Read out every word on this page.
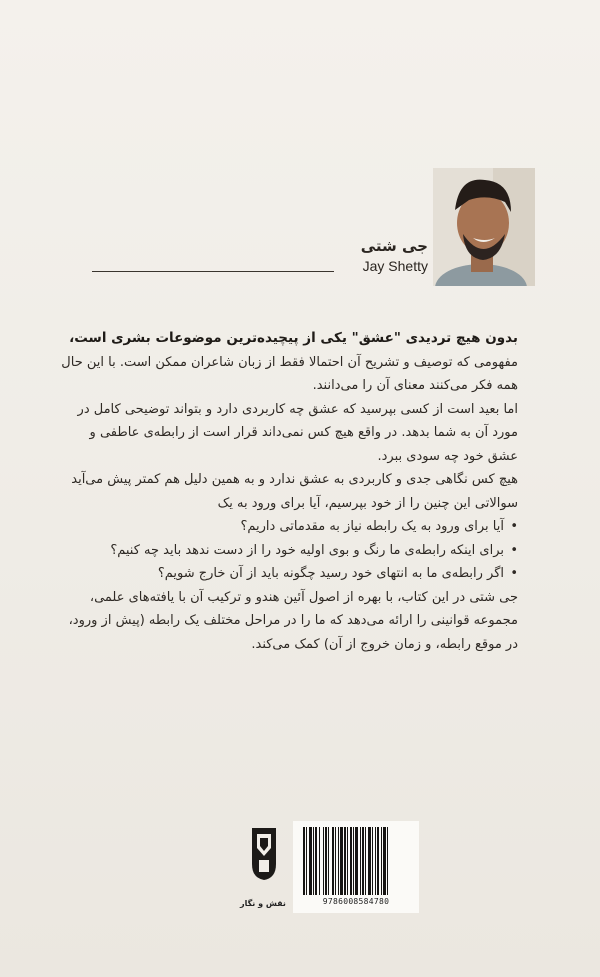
جی شتی
Jay Shetty

بدون هیچ تردیدی "عشق" یکی از پیچیده‌ترین موضوعات بشری است،

مفهومی که توصیف و تشریح آن احتمالا فقط از زبان شاعران ممکن است. با این حال همه فکر می‌کنند معنای آن را می‌دانند.

اما بعید است از کسی بپرسید که عشق چه کاربردی دارد و بتواند توضیحی کامل در مورد آن به شما بدهد. در واقع هیچ کس نمی‌داند قرار است از رابطه‌ی عاطفی و عشق خود چه سودی ببرد.

هیچ کس نگاهی جدی و کاربردی به عشق ندارد و به همین دلیل هم کمتر پیش می‌آید سوالاتی این چنین را از خود بپرسیم، آیا برای ورود به یک

• آیا برای ورود به یک رابطه نیاز به مقدماتی داریم؟
• برای اینکه رابطه‌ی ما رنگ و بوی اولیه خود را از دست ندهد باید چه کنیم؟
• اگر رابطه‌ی ما به انتهای خود رسید چگونه باید از آن خارج شویم؟

جی شتی در این کتاب، با بهره از اصول آئین هندو و ترکیب آن با یافته‌های علمی، مجموعه قوانینی را ارائه می‌دهد که ما را در مراحل مختلف یک رابطه (پیش از ورود، در موقع رابطه، و زمان خروج از آن) کمک می‌کند.

نقش و نگار	9786008584780
